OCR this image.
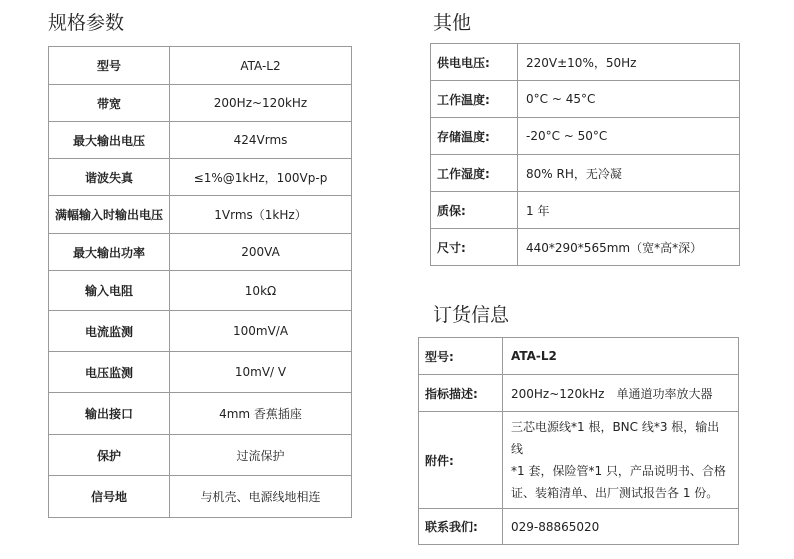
规格参数
型号	ATA-L2
带宽	200Hz~120kHz
最大输出电压	424Vrms
谐波失真	≤1%@1kHz，100Vp-p
满幅输入时输出电压	1Vrms（1kHz）
最大输出功率	200VA
输入电阻	10kΩ
电流监测	100mV/A
电压监测	10mV/ V
输出接口	4mm 香蕉插座
保护	过流保护
信号地	与机壳、电源线地相连
其他
供电电压:	220V±10%，50Hz
工作温度:	0°C ~ 45°C
存储温度:	-20°C ~ 50°C
工作湿度:	80% RH，无冷凝
质保:	1 年
尺寸:	440*290*565mm（宽*高*深）
订货信息
型号:	ATA-L2
指标描述:	200Hz~120kHz　单通道功率放大器
附件:	三芯电源线*1 根，BNC 线*3 根，输出线
*1 套，保险管*1 只，产品说明书、合格
证、装箱清单、出厂测试报告各 1 份。

联系我们:	029-88865020
